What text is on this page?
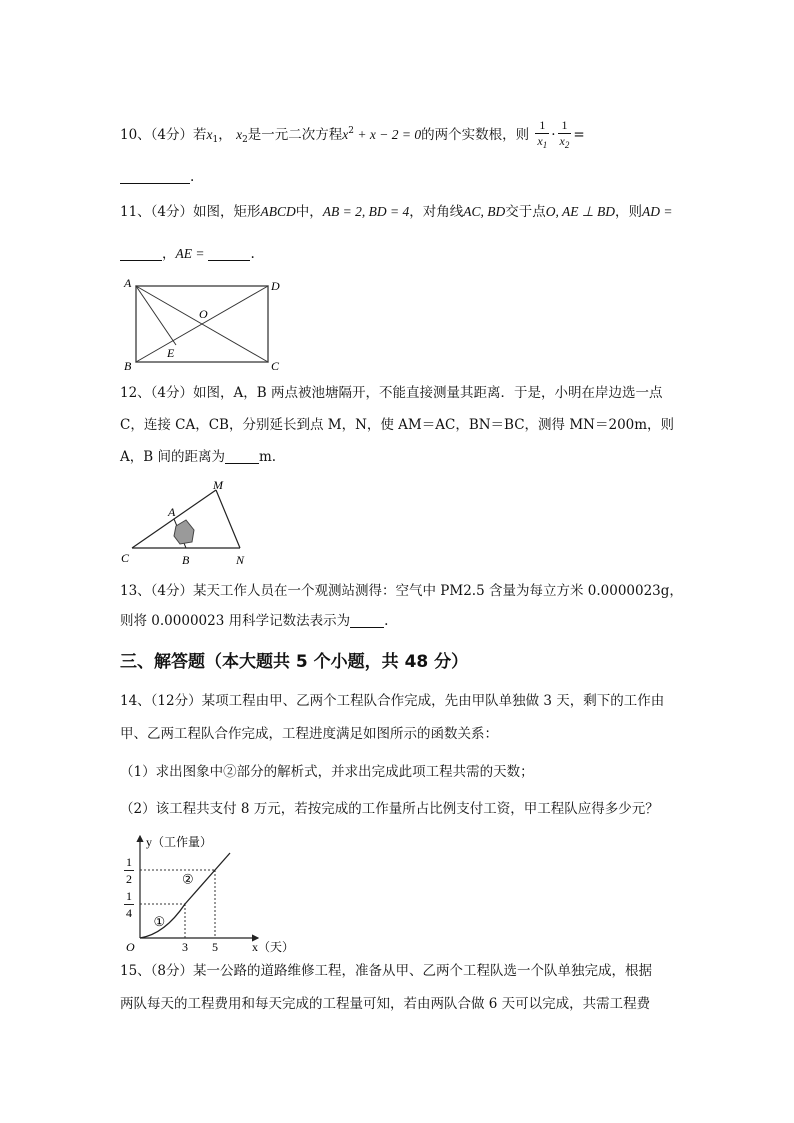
10、（4分）若$x_1$， $x_2$是一元二次方程$x^2 + x - 2 = 0$的两个实数根，则 $\frac{1}{x_1} \cdot \frac{1}{x_2}$ =
.
11、（4分）如图，矩形ABCD中，AB = 2, BD = 4，对角线AC, BD交于点O, AE ⊥ BD，则AD =
，AE =	.
A	D
B	C
O
E
12、（4分）如图，A，B 两点被池塘隔开，不能直接测量其距离．于是，小明在岸边选一点
C，连接 CA，CB，分别延长到点 M，N，使 AM＝AC，BN＝BC，测得 MN＝200m，则
A，B 间的距离为	m.
M
A
C	B	N
13、（4分）某天工作人员在一个观测站测得：空气中 PM2.5 含量为每立方米 0.0000023g，
则将 0.0000023 用科学记数法表示为	.
三、解答题（本大题共 5 个小题，共 48 分）
14、（12分）某项工程由甲、乙两个工程队合作完成，先由甲队单独做 3 天，剩下的工作由
甲、乙两工程队合作完成，工程进度满足如图所示的函数关系：
（1）求出图象中②部分的解析式，并求出完成此项工程共需的天数；
（2）该工程共支付 8 万元，若按完成的工作量所占比例支付工资，甲工程队应得多少元？
y（工作量）
x（天）
O	3 5
1
2
1
4
①
②
15、（8分）某一公路的道路维修工程，准备从甲、乙两个工程队选一个队单独完成，根据
两队每天的工程费用和每天完成的工程量可知，若由两队合做 6 天可以完成，共需工程费
